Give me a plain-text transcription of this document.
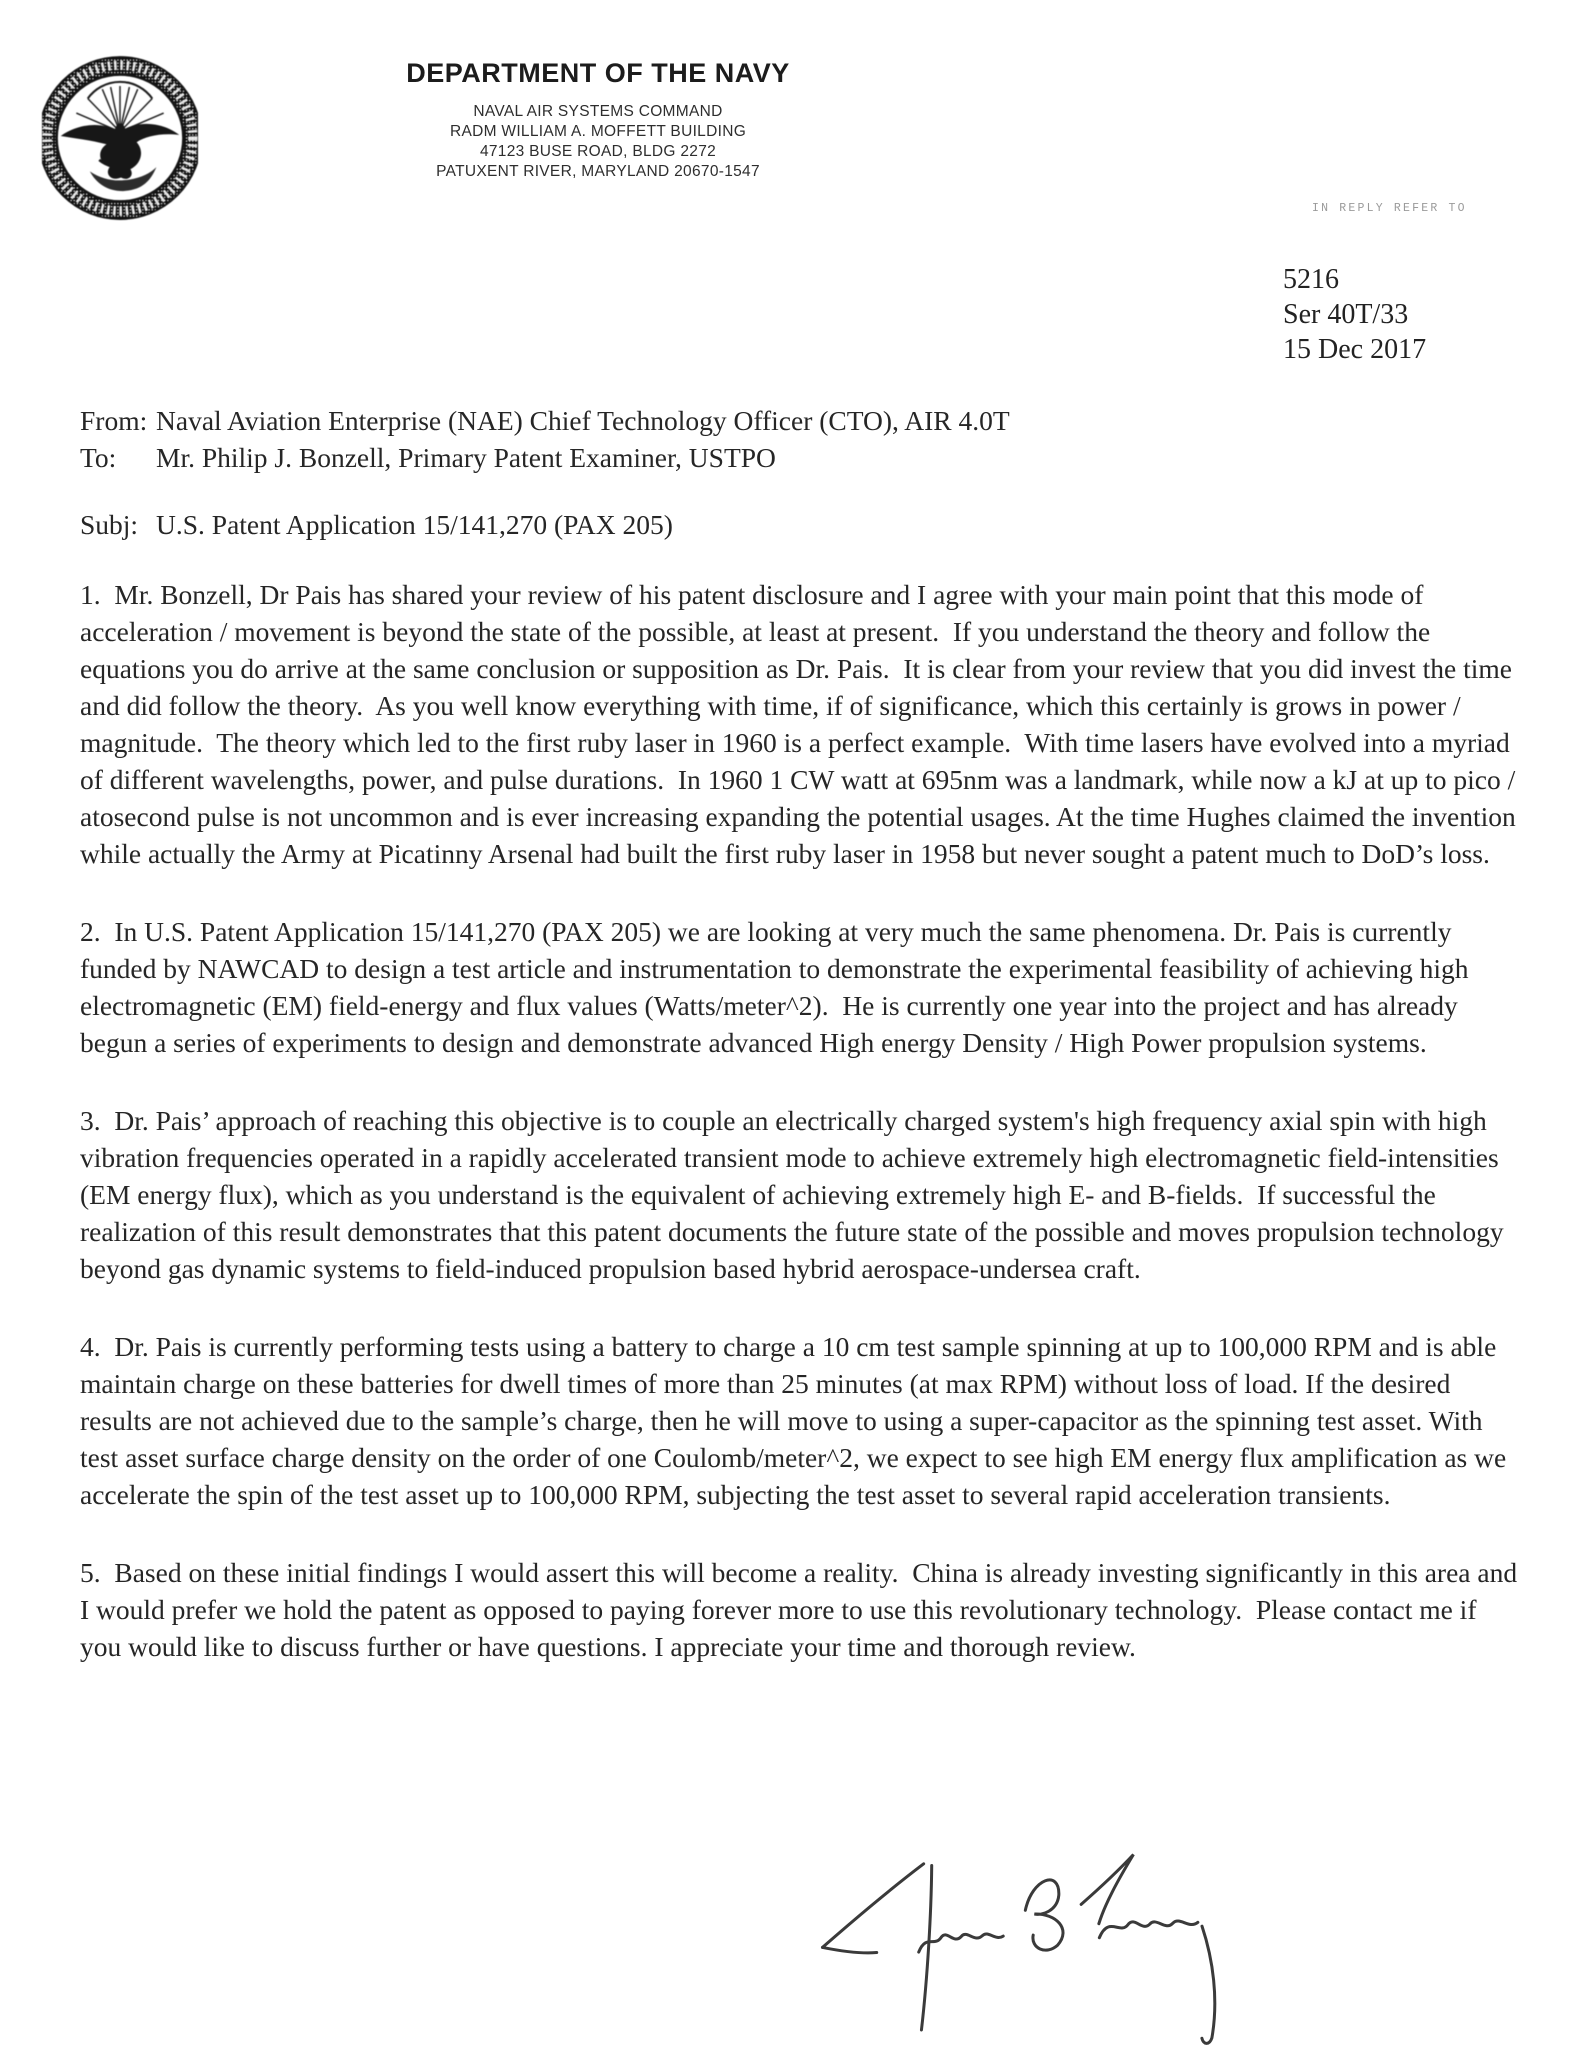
DEPARTMENT OF THE NAVY
NAVAL AIR SYSTEMS COMMAND
RADM WILLIAM A. MOFFETT BUILDING
47123 BUSE ROAD, BLDG 2272
PATUXENT RIVER, MARYLAND 20670-1547
IN REPLY REFER TO
5216
Ser 40T/33
15 Dec 2017
From: Naval Aviation Enterprise (NAE) Chief Technology Officer (CTO), AIR 4.0T
To:	Mr. Philip J. Bonzell, Primary Patent Examiner, USTPO
Subj: U.S. Patent Application 15/141,270 (PAX 205)

1.  Mr. Bonzell, Dr Pais has shared your review of his patent disclosure and I agree with your main point that this mode of acceleration / movement is beyond the state of the possible, at least at present.  If you understand the theory and follow the equations you do arrive at the same conclusion or supposition as Dr. Pais.  It is clear from your review that you did invest the time and did follow the theory.  As you well know everything with time, if of significance, which this certainly is grows in power / magnitude.  The theory which led to the first ruby laser in 1960 is a perfect example.  With time lasers have evolved into a myriad of different wavelengths, power, and pulse durations.  In 1960 1 CW watt at 695nm was a landmark, while now a kJ at up to pico / atosecond pulse is not uncommon and is ever increasing expanding the potential usages. At the time Hughes claimed the invention while actually the Army at Picatinny Arsenal had built the first ruby laser in 1958 but never sought a patent much to DoD’s loss.

2.  In U.S. Patent Application 15/141,270 (PAX 205) we are looking at very much the same phenomena. Dr. Pais is currently funded by NAWCAD to design a test article and instrumentation to demonstrate the experimental feasibility of achieving high electromagnetic (EM) field-energy and flux values (Watts/meter^2).  He is currently one year into the project and has already begun a series of experiments to design and demonstrate advanced High energy Density / High Power propulsion systems.

3.  Dr. Pais’ approach of reaching this objective is to couple an electrically charged system's high frequency axial spin with high vibration frequencies operated in a rapidly accelerated transient mode to achieve extremely high electromagnetic field-intensities (EM energy flux), which as you understand is the equivalent of achieving extremely high E- and B-fields.  If successful the realization of this result demonstrates that this patent documents the future state of the possible and moves propulsion technology beyond gas dynamic systems to field-induced propulsion based hybrid aerospace-undersea craft.

4.  Dr. Pais is currently performing tests using a battery to charge a 10 cm test sample spinning at up to 100,000 RPM and is able maintain charge on these batteries for dwell times of more than 25 minutes (at max RPM) without loss of load. If the desired results are not achieved due to the sample’s charge, then he will move to using a super-capacitor as the spinning test asset. With test asset surface charge density on the order of one Coulomb/meter^2, we expect to see high EM energy flux amplification as we accelerate the spin of the test asset up to 100,000 RPM, subjecting the test asset to several rapid acceleration transients.

5.  Based on these initial findings I would assert this will become a reality.  China is already investing significantly in this area and I would prefer we hold the patent as opposed to paying forever more to use this revolutionary technology.  Please contact me if you would like to discuss further or have questions. I appreciate your time and thorough review.
